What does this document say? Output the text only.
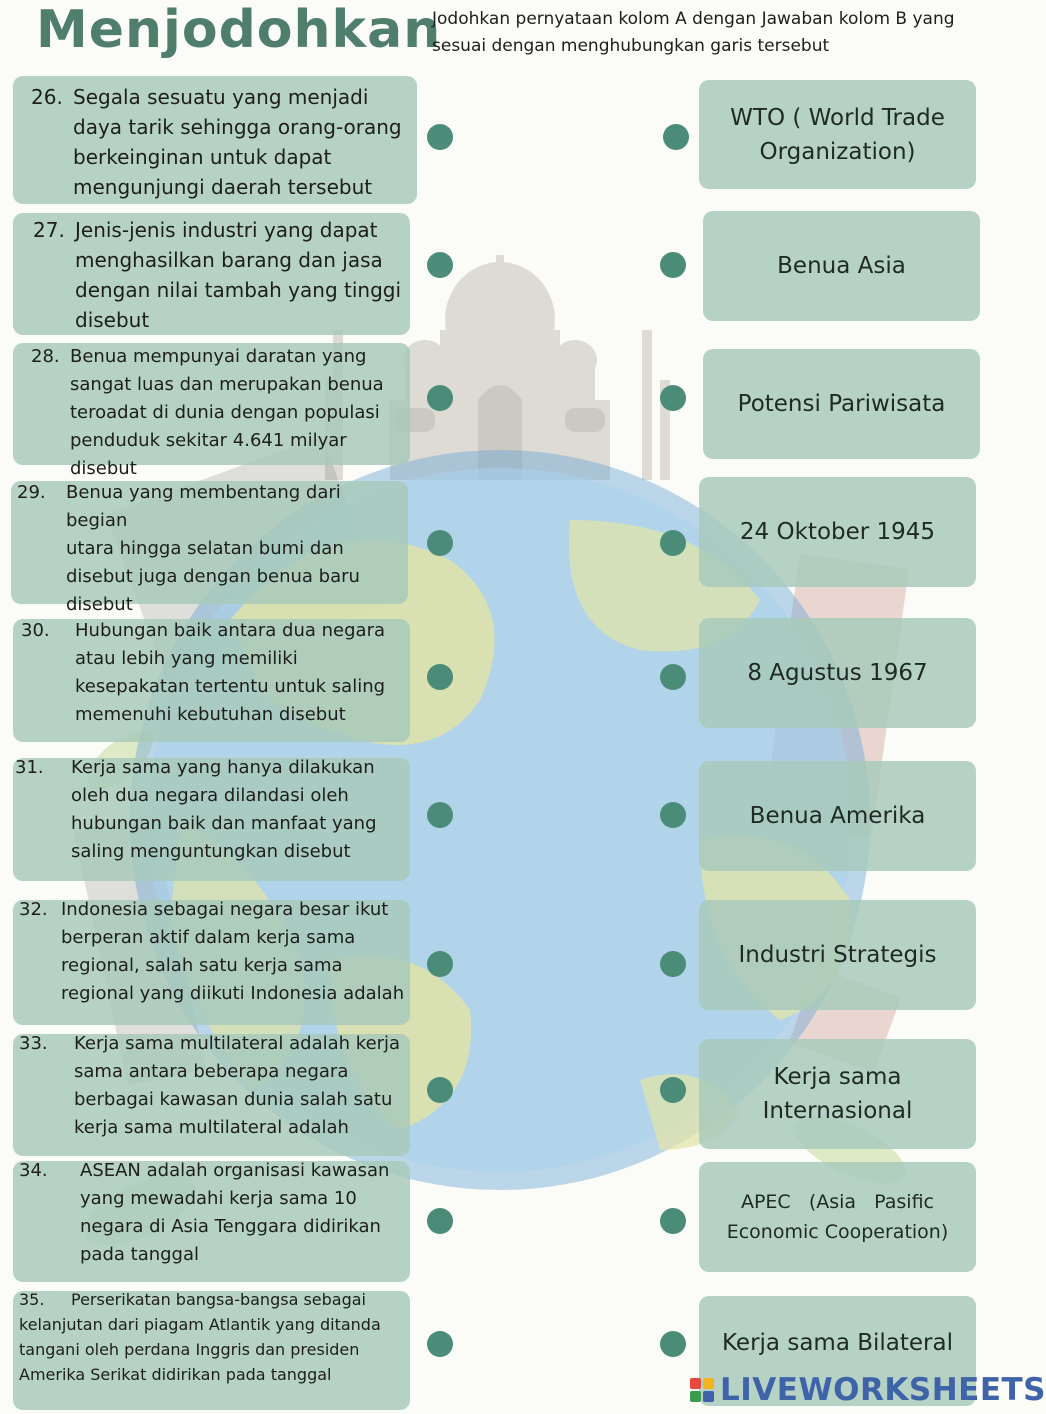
Menjodohkan
Jodohkan pernyataan kolom A dengan Jawaban kolom B yang sesuai dengan menghubungkan garis tersebut
26. Segala sesuatu yang menjadi
daya tarik sehingga orang-orang
berkeinginan untuk dapat
mengunjungi daerah tersebut
27. Jenis-jenis industri yang dapat
menghasilkan barang dan jasa
dengan nilai tambah yang tinggi
disebut
28. Benua mempunyai daratan yang
sangat luas dan merupakan benua
teroadat di dunia dengan populasi
penduduk sekitar 4.641 milyar disebut
29. Benua yang membentang dari begian
utara hingga selatan bumi dan
disebut juga dengan benua baru
disebut
30. Hubungan baik antara dua negara
atau lebih yang memiliki
kesepakatan tertentu untuk saling
memenuhi kebutuhan disebut
31. Kerja sama yang hanya dilakukan
oleh dua negara dilandasi oleh
hubungan baik dan manfaat yang
saling menguntungkan disebut
32. Indonesia sebagai negara besar ikut
berperan aktif dalam kerja sama
regional, salah satu kerja sama
regional yang diikuti Indonesia adalah
33. Kerja sama multilateral adalah kerja
sama antara beberapa negara
berbagai kawasan dunia salah satu
kerja sama multilateral adalah
34. ASEAN adalah organisasi kawasan
yang mewadahi kerja sama 10
negara di Asia Tenggara didirikan
pada tanggal
35.	Perserikatan bangsa-bangsa sebagai
kelanjutan dari piagam Atlantik yang ditanda
tangani oleh perdana Inggris dan presiden
Amerika Serikat didirikan pada tanggal
WTO ( World Trade Organization)
Benua Asia
Potensi Pariwisata
24 Oktober 1945
8 Agustus 1967
Benua Amerika
Industri Strategis
Kerja sama Internasional
APEC   (Asia   Pasific Economic Cooperation)
Kerja sama Bilateral
LIVEWORKSHEETS
